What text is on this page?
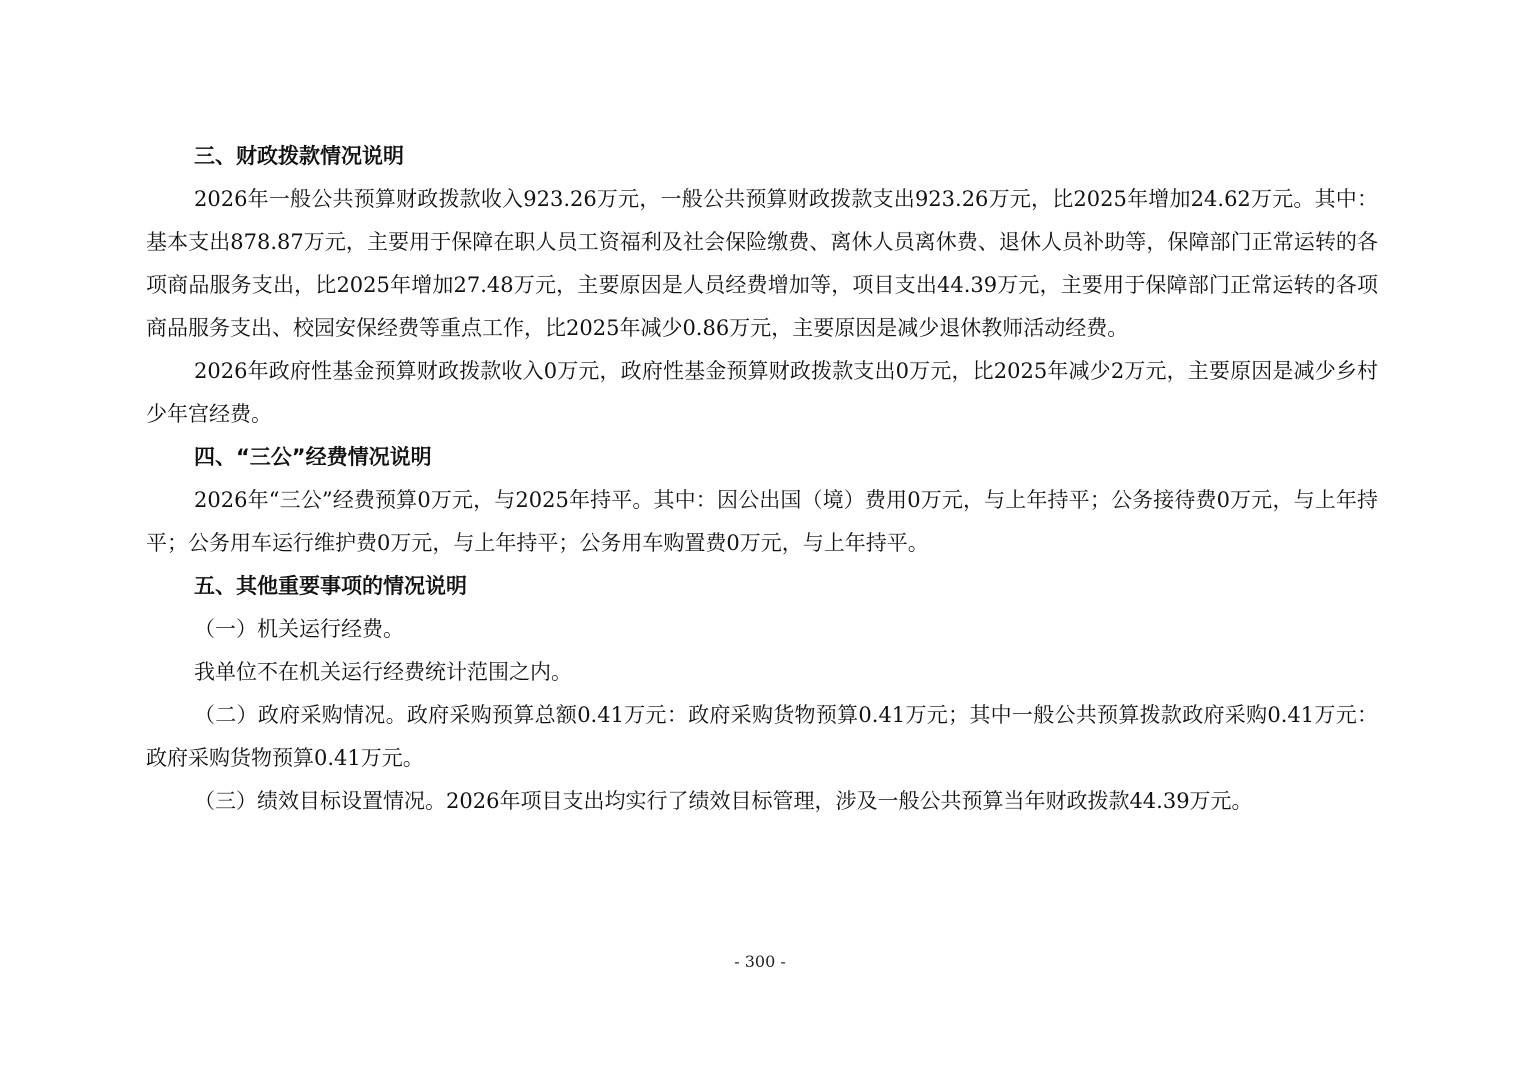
三、财政拨款情况说明

2026年一般公共预算财政拨款收入923.26万元，一般公共预算财政拨款支出923.26万元，比2025年增加24.62万元。其中：基本支出878.87万元，主要用于保障在职人员工资福利及社会保险缴费、离休人员离休费、退休人员补助等，保障部门正常运转的各项商品服务支出，比2025年增加27.48万元，主要原因是人员经费增加等，项目支出44.39万元，主要用于保障部门正常运转的各项商品服务支出、校园安保经费等重点工作，比2025年减少0.86万元，主要原因是减少退休教师活动经费。

2026年政府性基金预算财政拨款收入0万元，政府性基金预算财政拨款支出0万元，比2025年减少2万元，主要原因是减少乡村少年宫经费。

四、“三公”经费情况说明

2026年“三公”经费预算0万元，与2025年持平。其中：因公出国（境）费用0万元，与上年持平；公务接待费0万元，与上年持平；公务用车运行维护费0万元，与上年持平；公务用车购置费0万元，与上年持平。

五、其他重要事项的情况说明

（一）机关运行经费。

我单位不在机关运行经费统计范围之内。

（二）政府采购情况。政府采购预算总额0.41万元：政府采购货物预算0.41万元；其中一般公共预算拨款政府采购0.41万元：政府采购货物预算0.41万元。

（三）绩效目标设置情况。2026年项目支出均实行了绩效目标管理，涉及一般公共预算当年财政拨款44.39万元。

- 300 -
